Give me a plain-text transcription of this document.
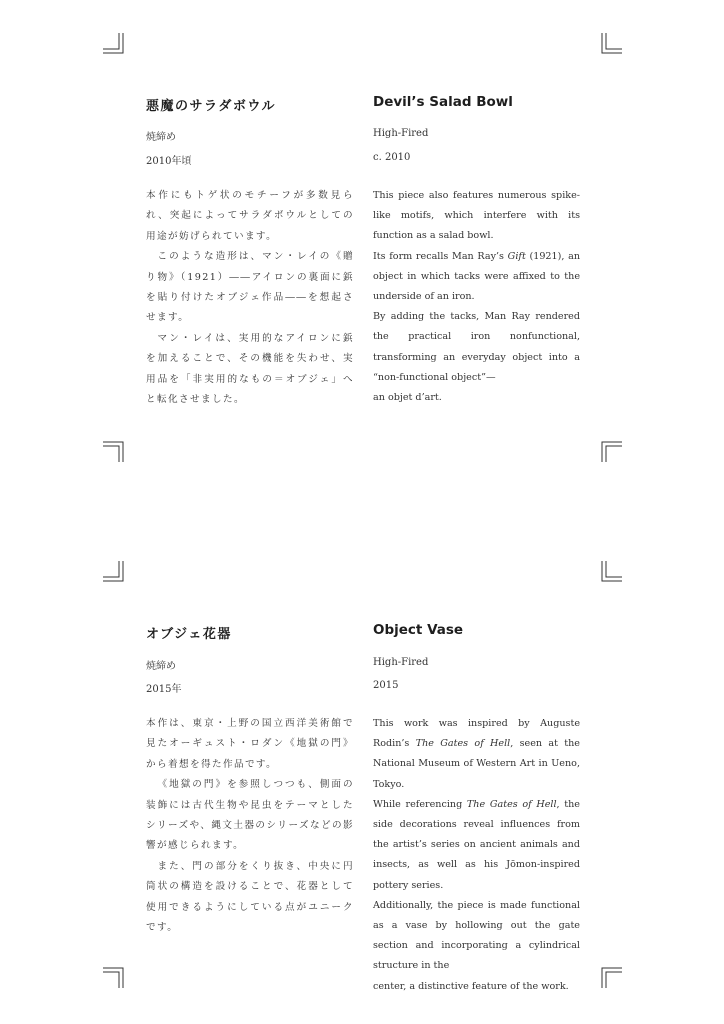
悪魔のサラダボウル
焼締め
2010年頃

本作にもトゲ状のモチーフが多数見られ、突起によってサラダボウルとしての用途が妨げられています。

このような造形は、マン・レイの《贈り物》（1921）――アイロンの裏面に鋲を貼り付けたオブジェ作品――を想起させます。

マン・レイは、実用的なアイロンに鋲を加えることで、その機能を失わせ、実用品を「非実用的なもの＝オブジェ」へと転化させました。

Devil’s Salad Bowl
High-Fired
c. 2010

This piece also features numerous spike-like motifs, which interfere with its function as a salad bowl.

Its form recalls Man Ray’s Gift (1921), an object in which tacks were affixed to the underside of an iron.

By adding the tacks, Man Ray rendered the practical iron nonfunctional, transforming an everyday object into a “non-functional object”—

an objet d’art.

オブジェ花器
焼締め
2015年

本作は、東京・上野の国立西洋美術館で見たオーギュスト・ロダン《地獄の門》から着想を得た作品です。

《地獄の門》を参照しつつも、側面の装飾には古代生物や昆虫をテーマとしたシリーズや、縄文土器のシリーズなどの影響が感じられます。

また、門の部分をくり抜き、中央に円筒状の構造を設けることで、花器として使用できるようにしている点がユニークです。

Object Vase
High-Fired
2015

This work was inspired by Auguste Rodin’s The Gates of Hell, seen at the National Museum of Western Art in Ueno, Tokyo.

While referencing The Gates of Hell, the side decorations reveal influences from the artist’s series on ancient animals and insects, as well as his Jōmon-inspired pottery series.

Additionally, the piece is made functional as a vase by hollowing out the gate section and incorporating a cylindrical structure in the

center, a distinctive feature of the work.
